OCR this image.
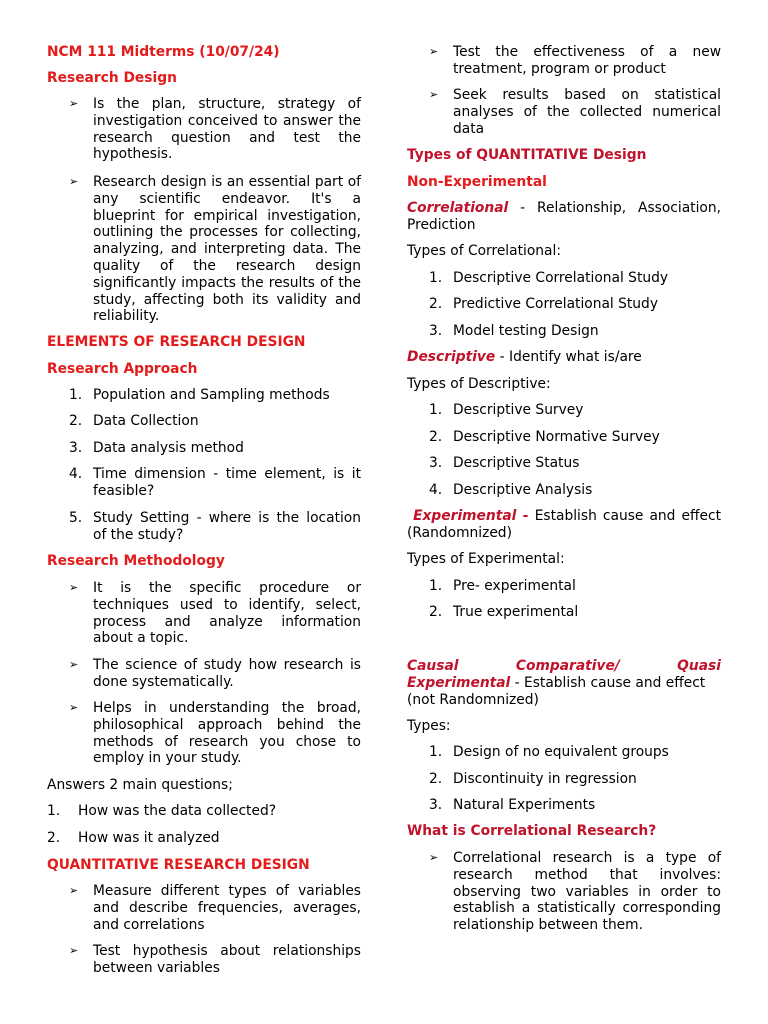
NCM 111 Midterms (10/07/24)
Research Design
➢ Is the plan, structure, strategy of investigation conceived to answer the research question and test the hypothesis.
➢ Research design is an essential part of any scientific endeavor. It's a blueprint for empirical investigation, outlining the processes for collecting, analyzing, and interpreting data. The quality of the research design significantly impacts the results of the study, affecting both its validity and reliability.
ELEMENTS OF RESEARCH DESIGN
Research Approach
1. Population and Sampling methods
2. Data Collection
3. Data analysis method
4. Time dimension - time element, is it feasible?
5. Study Setting - where is the location of the study?
Research Methodology
➢ It is the specific procedure or techniques used to identify, select, process and analyze information about a topic.
➢ The science of study how research is done systematically.
➢ Helps in understanding the broad, philosophical approach behind the methods of research you chose to employ in your study.
Answers 2 main questions;
1. How was the data collected?
2. How was it analyzed
QUANTITATIVE RESEARCH DESIGN
➢ Measure different types of variables and describe frequencies, averages, and correlations
➢ Test hypothesis about relationships between variables
➢ Test the effectiveness of a new treatment, program or product
➢ Seek results based on statistical analyses of the collected numerical data
Types of QUANTITATIVE Design
Non-Experimental
Correlational - Relationship, Association, Prediction
Types of Correlational:
1. Descriptive Correlational Study
2. Predictive Correlational Study
3. Model testing Design
Descriptive - Identify what is/are
Types of Descriptive:
1. Descriptive Survey
2. Descriptive Normative Survey
3. Descriptive Status
4. Descriptive Analysis
Experimental - Establish cause and effect (Randomnized)
Types of Experimental:
1. Pre- experimental
2. True experimental
Causal	Comparative/	Quasi
Experimental - Establish cause and effect
(not Randomnized)
Types:
1. Design of no equivalent groups
2. Discontinuity in regression
3. Natural Experiments
What is Correlational Research?
➢ Correlational research is a type of research method that involves: observing two variables in order to establish a statistically corresponding relationship between them.
